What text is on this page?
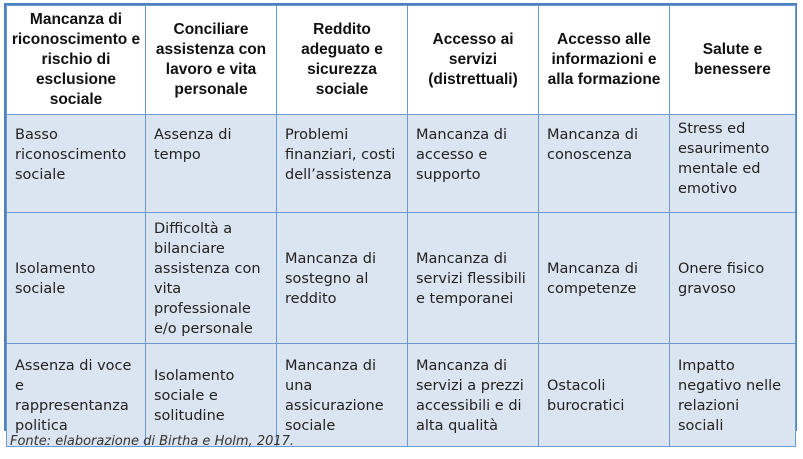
Mancanza di riconoscimento e rischio di esclusione sociale	Conciliare assistenza con lavoro e vita personale	Reddito adeguato e sicurezza sociale	Accesso ai servizi (distrettuali)	Accesso alle informazioni e alla formazione	Salute e benessere
Basso riconoscimento sociale	Assenza di tempo	Problemi finanziari, costi dell’assistenza	Mancanza di accesso e supporto	Mancanza di conoscenza	Stress ed esaurimento mentale ed emotivo
Isolamento sociale	Difficoltà a bilanciare assistenza con vita professionale e/o personale	Mancanza di sostegno al reddito	Mancanza di servizi flessibili e temporanei	Mancanza di competenze	Onere fisico gravoso
Assenza di voce e rappresentanza politica	Isolamento sociale e solitudine	Mancanza di una assicurazione sociale	Mancanza di servizi a prezzi accessibili e di alta qualità	Ostacoli burocratici	Impatto negativo nelle relazioni sociali
Fonte: elaborazione di Birtha e Holm, 2017.
